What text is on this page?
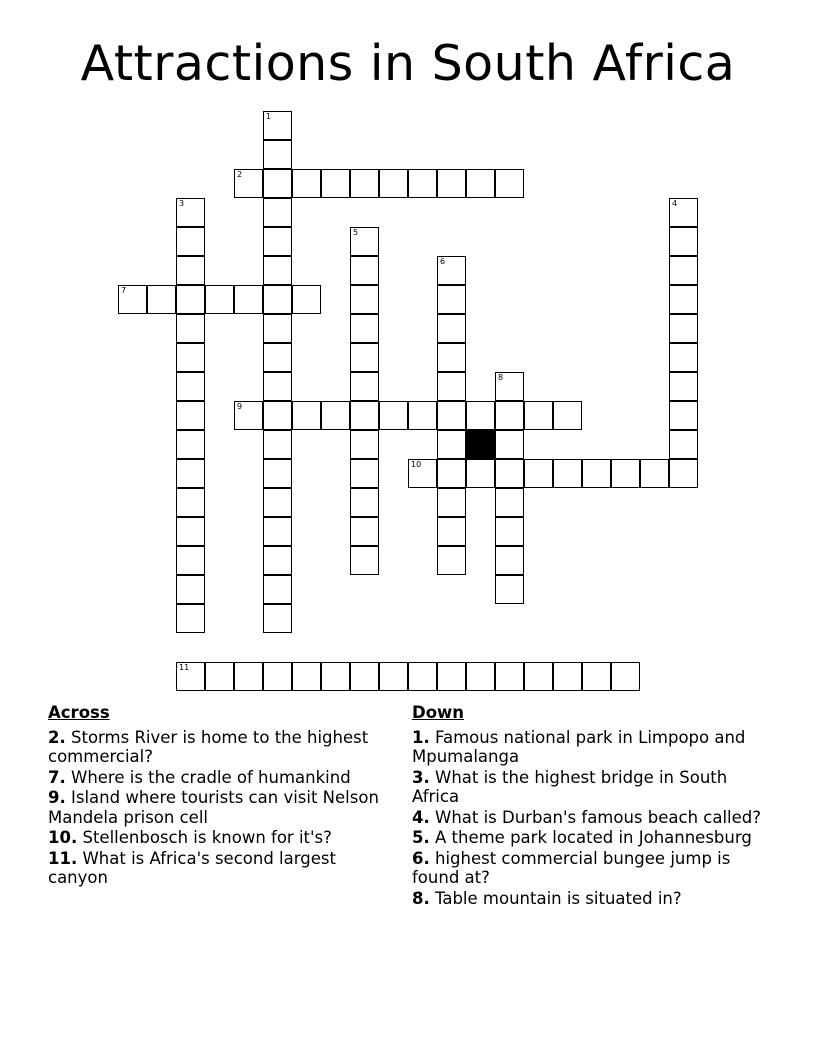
Attractions in South Africa
1
2
3	4
5
6
7
8
9
10
11
Across
2. Storms River is home to the highest commercial?
7. Where is the cradle of humankind
9. Island where tourists can visit Nelson Mandela prison cell
10. Stellenbosch is known for it's?
11. What is Africa's second largest canyon
Down
1. Famous national park in Limpopo and Mpumalanga
3. What is the highest bridge in South Africa
4. What is Durban's famous beach called?
5. A theme park located in Johannesburg
6. highest commercial bungee jump is found at?
8. Table mountain is situated in?
